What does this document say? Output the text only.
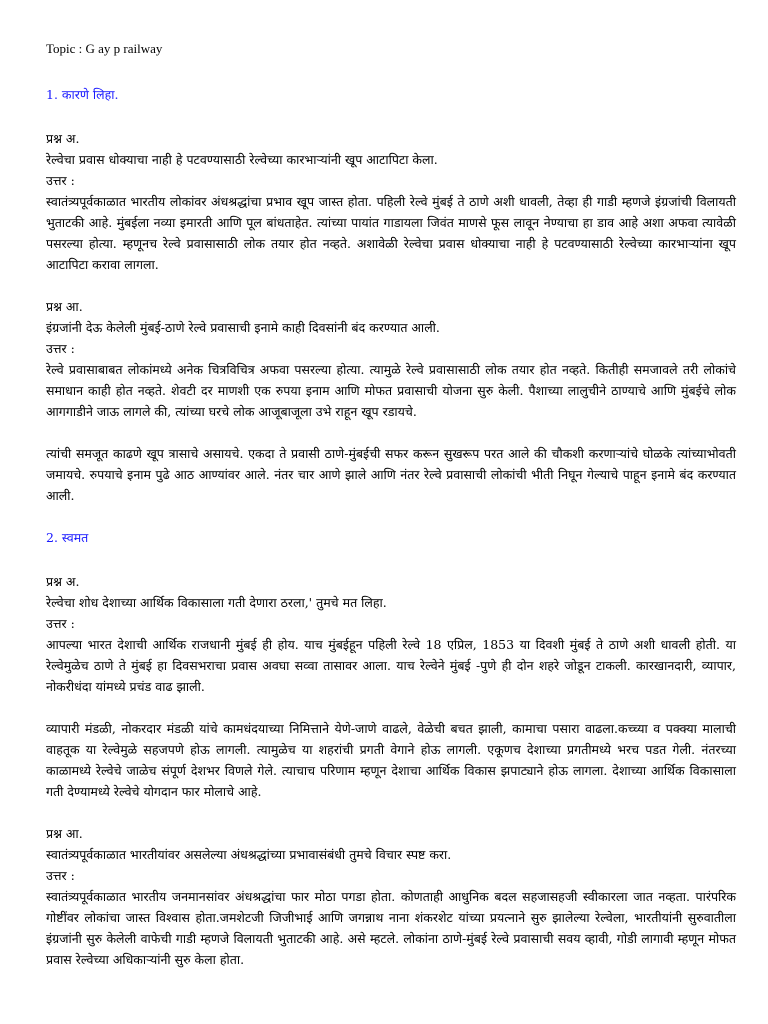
Topic : G ay p railway
1. कारणे लिहा.
प्रश्न अ.
रेल्वेचा प्रवास धोक्याचा नाही हे पटवण्यासाठी रेल्वेच्या कारभाऱ्यांनी खूप आटापिटा केला.
उत्तर :
स्वातंत्र्यपूर्वकाळात भारतीय लोकांवर अंधश्रद्धांचा प्रभाव खूप जास्त होता. पहिली रेल्वे मुंबई ते ठाणे अशी धावली, तेव्हा ही गाडी म्हणजे इंग्रजांची विलायती भुताटकी आहे. मुंबईला नव्या इमारती आणि पूल बांधताहेत. त्यांच्या पायांत गाडायला जिवंत माणसे फूस लावून नेण्याचा हा डाव आहे अशा अफवा त्यावेळी पसरल्या होत्या. म्हणूनच रेल्वे प्रवासासाठी लोक तयार होत नव्हते. अशावेळी रेल्वेचा प्रवास धोक्याचा नाही हे पटवण्यासाठी रेल्वेच्या कारभाऱ्यांना खूप आटापिटा करावा लागला.
प्रश्न आ.
इंग्रजांनी देऊ केलेली मुंबई-ठाणे रेल्वे प्रवासाची इनामे काही दिवसांनी बंद करण्यात आली.
उत्तर :
रेल्वे प्रवासाबाबत लोकांमध्ये अनेक चित्रविचित्र अफवा पसरल्या होत्या. त्यामुळे रेल्वे प्रवासासाठी लोक तयार होत नव्हते. कितीही समजावले तरी लोकांचे समाधान काही होत नव्हते. शेवटी दर माणशी एक रुपया इनाम आणि मोफत प्रवासाची योजना सुरु केली. पैशाच्या लालुचीने ठाण्याचे आणि मुंबईचे लोक आगगाडीने जाऊ लागले की, त्यांच्या घरचे लोक आजूबाजूला उभे राहून खूप रडायचे.
त्यांची समजूत काढणे खूप त्रासाचे असायचे. एकदा ते प्रवासी ठाणे-मुंबईची सफर करून सुखरूप परत आले की चौकशी करणाऱ्यांचे घोळके त्यांच्याभोवती जमायचे. रुपयाचे इनाम पुढे आठ आण्यांवर आले. नंतर चार आणे झाले आणि नंतर रेल्वे प्रवासाची लोकांची भीती निघून गेल्याचे पाहून इनामे बंद करण्यात आली.
2. स्वमत
प्रश्न अ.
रेल्वेचा शोध देशाच्या आर्थिक विकासाला गती देणारा ठरला,' तुमचे मत लिहा.
उत्तर :
आपल्या भारत देशाची आर्थिक राजधानी मुंबई ही होय. याच मुंबईहून पहिली रेल्वे 18 एप्रिल, 1853 या दिवशी मुंबई ते ठाणे अशी धावली होती. या रेल्वेमुळेच ठाणे ते मुंबई हा दिवसभराचा प्रवास अवघा सव्वा तासावर आला. याच रेल्वेने मुंबई -पुणे ही दोन शहरे जोडून टाकली. कारखानदारी, व्यापार, नोकरीधंदा यांमध्ये प्रचंड वाढ झाली.
व्यापारी मंडळी, नोकरदार मंडळी यांचे कामधंदयाच्या निमित्ताने येणे-जाणे वाढले, वेळेची बचत झाली, कामाचा पसारा वाढला.कच्च्या व पक्क्या मालाची वाहतूक या रेल्वेमुळे सहजपणे होऊ लागली. त्यामुळेच या शहरांची प्रगती वेगाने होऊ लागली. एकूणच देशाच्या प्रगतीमध्ये भरच पडत गेली. नंतरच्या काळामध्ये रेल्वेचे जाळेच संपूर्ण देशभर विणले गेले. त्याचाच परिणाम म्हणून देशाचा आर्थिक विकास झपाट्याने होऊ लागला. देशाच्या आर्थिक विकासाला गती देण्यामध्ये रेल्वेचे योगदान फार मोलाचे आहे.
प्रश्न आ.
स्वातंत्र्यपूर्वकाळात भारतीयांवर असलेल्या अंधश्रद्धांच्या प्रभावासंबंधी तुमचे विचार स्पष्ट करा.
उत्तर :
स्वातंत्र्यपूर्वकाळात भारतीय जनमानसांवर अंधश्रद्धांचा फार मोठा पगडा होता. कोणताही आधुनिक बदल सहजासहजी स्वीकारला जात नव्हता. पारंपरिक गोष्टींवर लोकांचा जास्त विश्वास होता.जमशेटजी जिजीभाई आणि जगन्नाथ नाना शंकरशेट यांच्या प्रयत्नाने सुरु झालेल्या रेल्वेला, भारतीयांनी सुरुवातीला इंग्रजांनी सुरु केलेली वाफेची गाडी म्हणजे विलायती भुताटकी आहे. असे म्हटले. लोकांना ठाणे-मुंबई रेल्वे प्रवासाची सवय व्हावी, गोडी लागावी म्हणून मोफत प्रवास रेल्वेच्या अधिकाऱ्यांनी सुरु केला होता.
